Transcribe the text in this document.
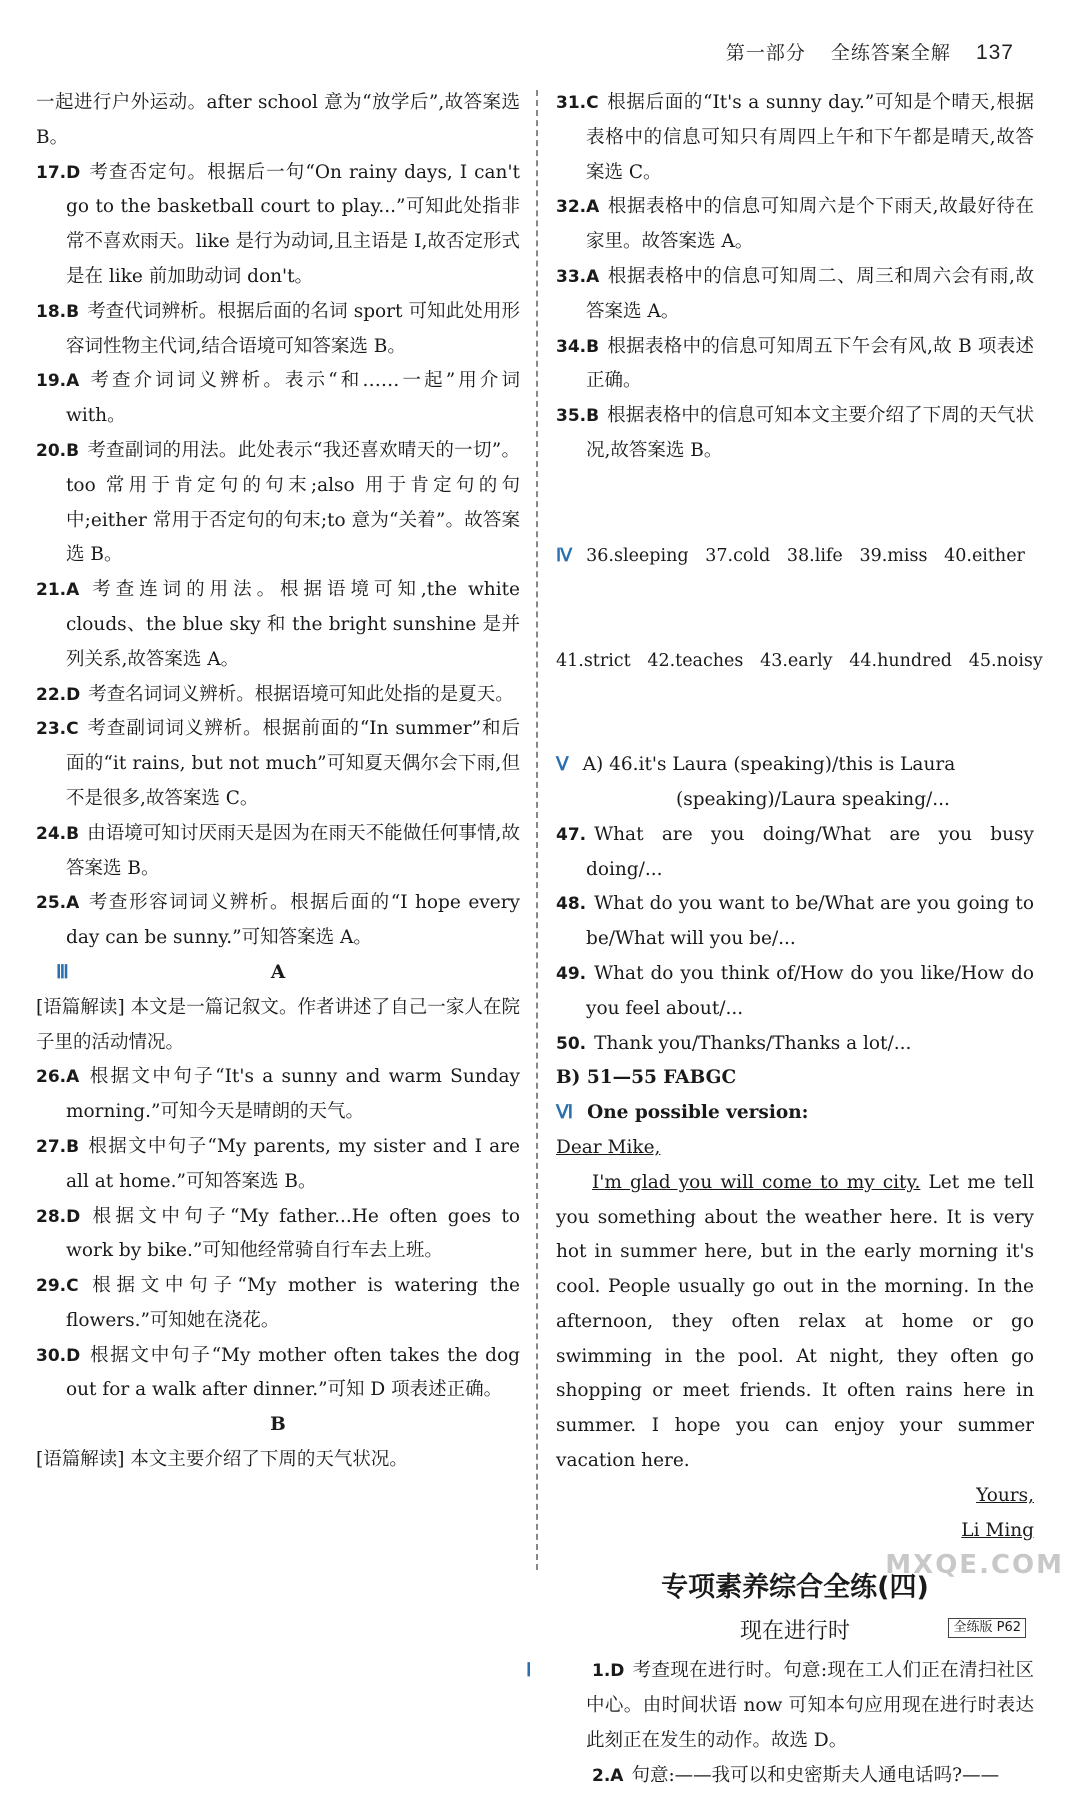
第一部分 全练答案全解 137
一起进行户外运动。after school 意为“放学后”,故答案选 B。
17.D 考查否定句。根据后一句“On rainy days, I can't go to the basketball court to play...”可知此处指非常不喜欢雨天。like 是行为动词,且主语是 I,故否定形式是在 like 前加助动词 don't。
18.B 考查代词辨析。根据后面的名词 sport 可知此处用形容词性物主代词,结合语境可知答案选 B。
19.A 考查介词词义辨析。表示“和……一起”用介词 with。
20.B 考查副词的用法。此处表示“我还喜欢晴天的一切”。too 常用于肯定句的句末;also 用于肯定句的句中;either 常用于否定句的句末;to 意为“关着”。故答案选 B。
21.A 考查连词的用法。根据语境可知,the white clouds、the blue sky 和 the bright sunshine 是并列关系,故答案选 A。
22.D 考查名词词义辨析。根据语境可知此处指的是夏天。
23.C 考查副词词义辨析。根据前面的“In summer”和后面的“it rains, but not much”可知夏天偶尔会下雨,但不是很多,故答案选 C。
24.B 由语境可知讨厌雨天是因为在雨天不能做任何事情,故答案选 B。
25.A 考查形容词词义辨析。根据后面的“I hope every day can be sunny.”可知答案选 A。
Ⅲ	A
[语篇解读] 本文是一篇记叙文。作者讲述了自己一家人在院子里的活动情况。
26.A 根据文中句子“It's a sunny and warm Sunday morning.”可知今天是晴朗的天气。
27.B 根据文中句子“My parents, my sister and I are all at home.”可知答案选 B。
28.D 根据文中句子“My father...He often goes to work by bike.”可知他经常骑自行车去上班。
29.C 根据文中句子“My mother is watering the flowers.”可知她在浇花。
30.D 根据文中句子“My mother often takes the dog out for a walk after dinner.”可知 D 项表述正确。
B
[语篇解读] 本文主要介绍了下周的天气状况。
31.C 根据后面的“It's a sunny day.”可知是个晴天,根据表格中的信息可知只有周四上午和下午都是晴天,故答案选 C。
32.A 根据表格中的信息可知周六是个下雨天,故最好待在家里。故答案选 A。
33.A 根据表格中的信息可知周二、周三和周六会有雨,故答案选 A。
34.B 根据表格中的信息可知周五下午会有风,故 B 项表述正确。
35.B 根据表格中的信息可知本文主要介绍了下周的天气状况,故答案选 B。

Ⅳ 36.sleeping   37.cold   38.life   39.miss   40.either

41.strict   42.teaches   43.early   44.hundred   45.noisy

Ⅴ A) 46.it's Laura (speaking)/this is Laura
(speaking)/Laura speaking/...
47. What are you doing/What are you busy doing/...
48. What do you want to be/What are you going to be/What will you be/...
49. What do you think of/How do you like/How do you feel about/...
50. Thank you/Thanks/Thanks a lot/...
B) 51—55 FABGC
Ⅵ One possible version:
Dear Mike,
I'm glad you will come to my city. Let me tell you something about the weather here. It is very hot in summer here, but in the early morning it's cool. People usually go out in the morning. In the afternoon, they often relax at home or go swimming in the pool. At night, they often go shopping or meet friends. It often rains here in summer. I hope you can enjoy your summer vacation here.
Yours,
Li Ming
专项素养综合全练(四)
现在进行时	全练版 P62
Ⅰ	1.D 考查现在进行时。句意:现在工人们正在清扫社区中心。由时间状语 now 可知本句应用现在进行时表达此刻正在发生的动作。故选 D。
2.A 句意:——我可以和史密斯夫人通电话吗?——
MXQE.COM
